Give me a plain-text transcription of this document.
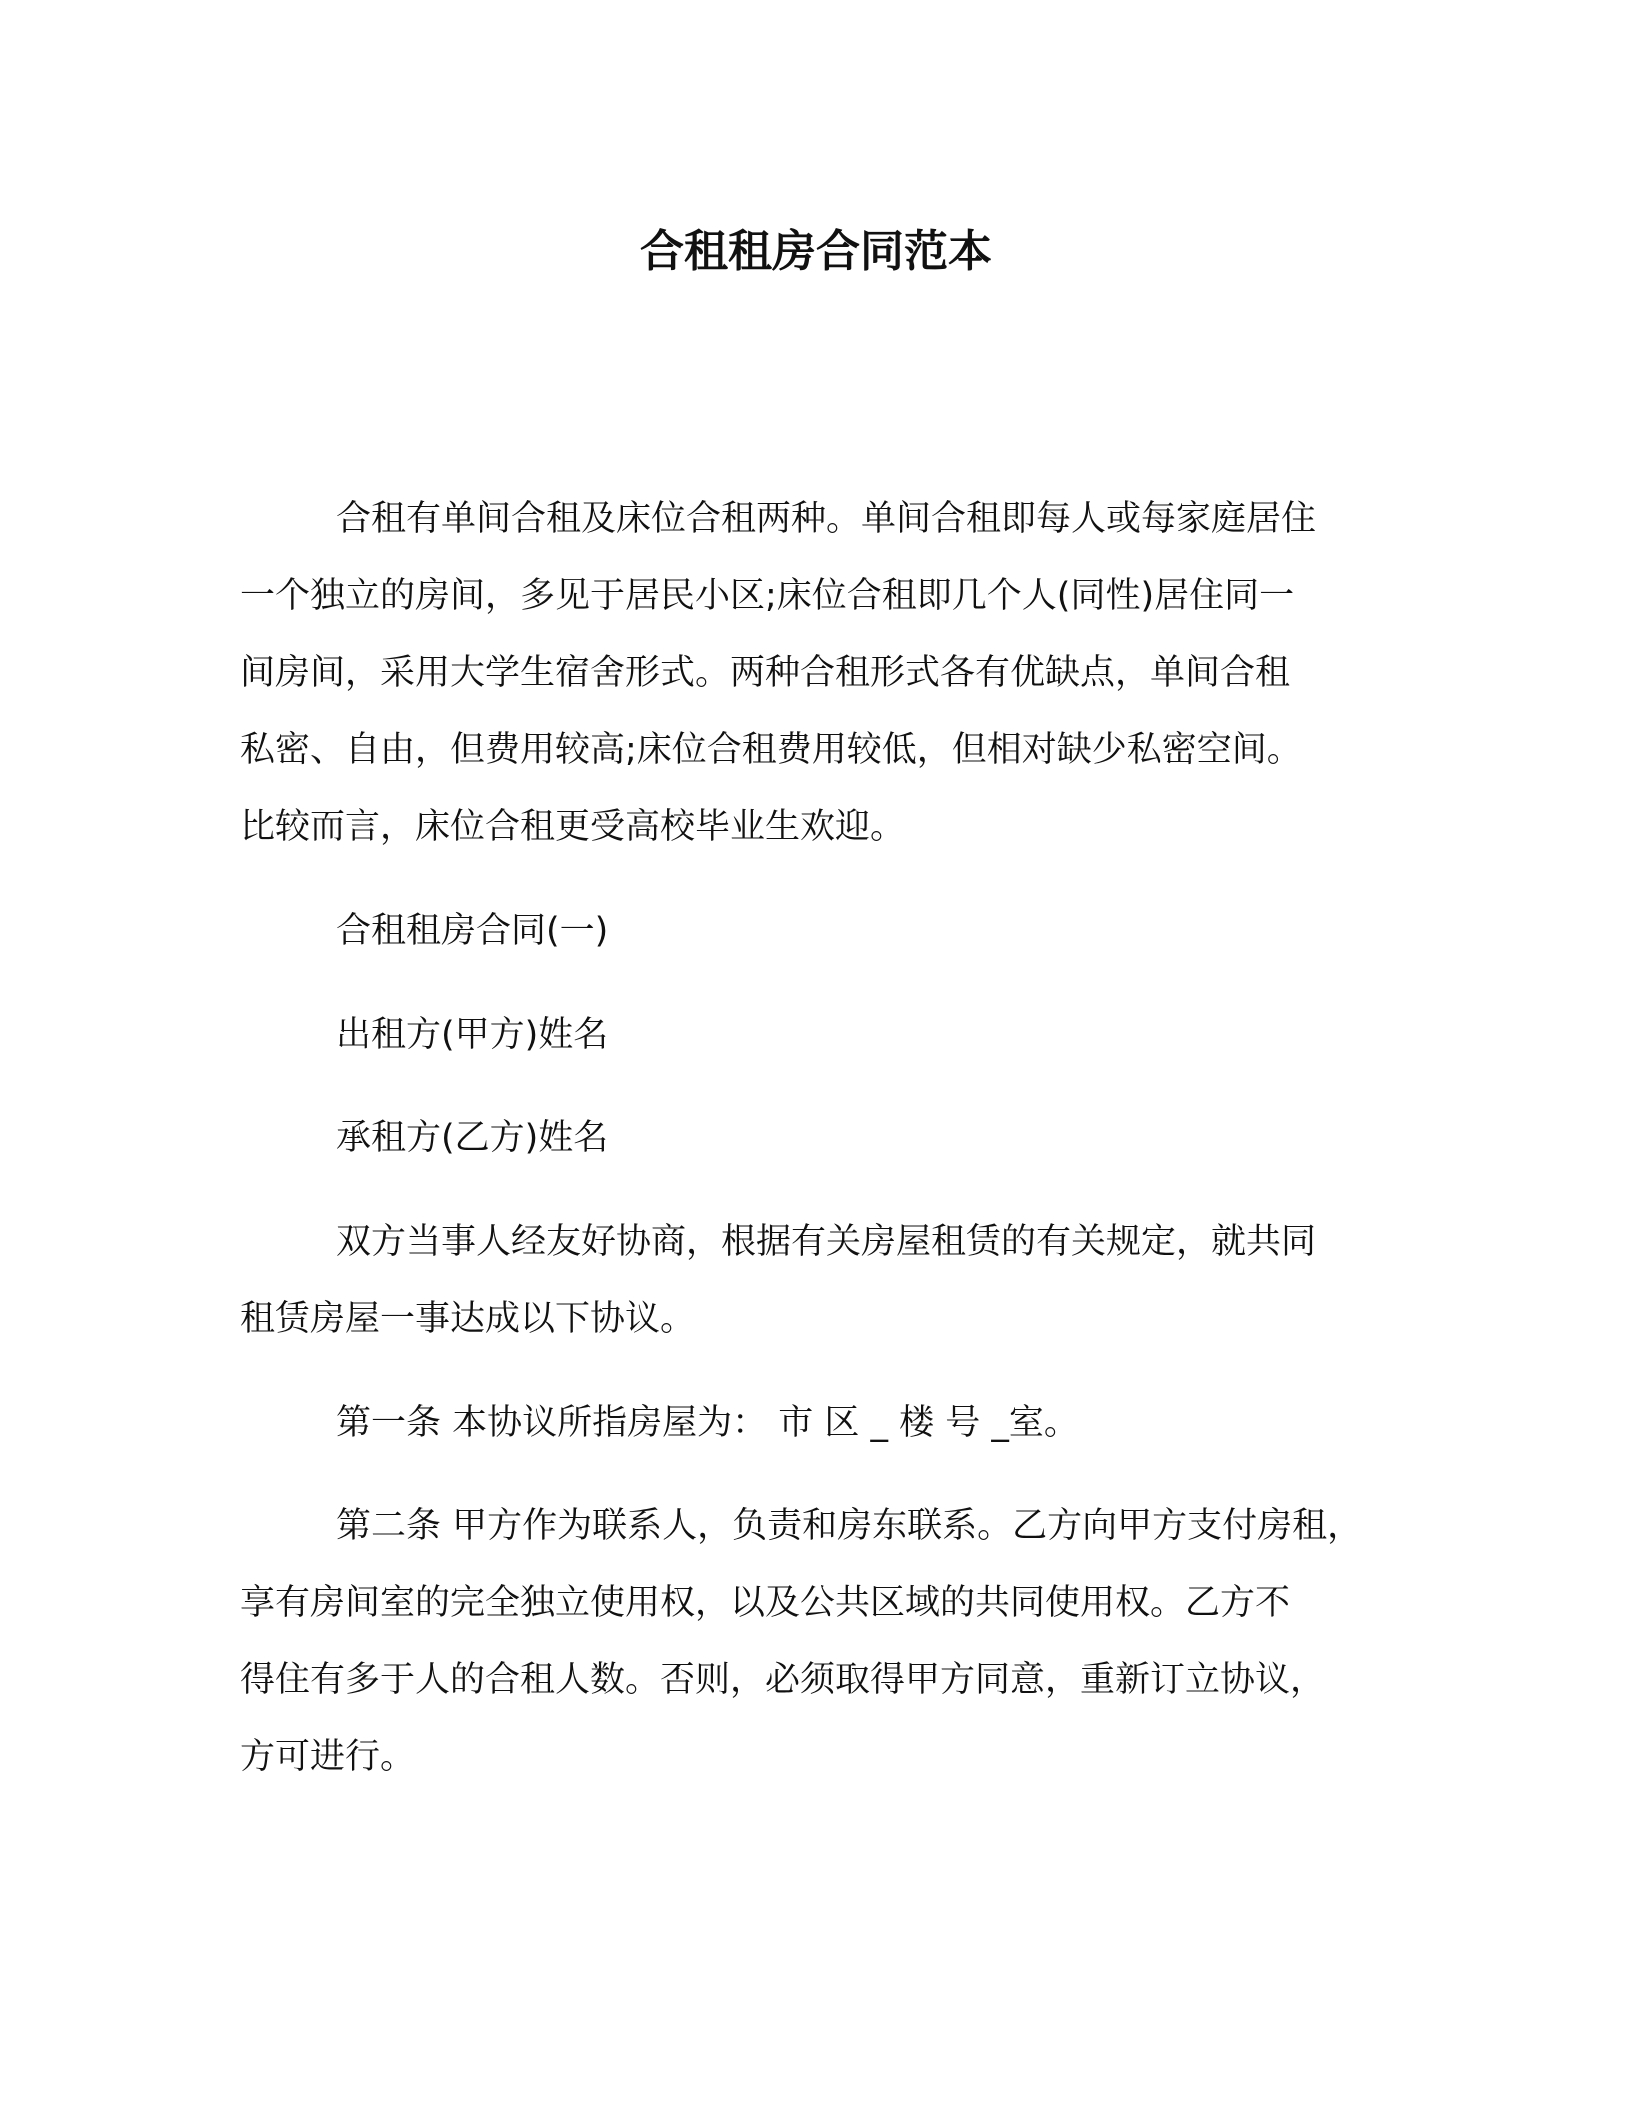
合租租房合同范本

合租有单间合租及床位合租两种。单间合租即每人或每家庭居住
一个独立的房间，多见于居民小区;床位合租即几个人(同性)居住同一
间房间，采用大学生宿舍形式。两种合租形式各有优缺点，单间合租
私密、自由，但费用较高;床位合租费用较低，但相对缺少私密空间。
比较而言，床位合租更受高校毕业生欢迎。

合租租房合同(一)

出租方(甲方)姓名

承租方(乙方)姓名

双方当事人经友好协商，根据有关房屋租赁的有关规定，就共同
租赁房屋一事达成以下协议。

第一条 本协议所指房屋为： 市 区 _ 楼 号 _室。

第二条 甲方作为联系人，负责和房东联系。乙方向甲方支付房租，
享有房间室的完全独立使用权，以及公共区域的共同使用权。乙方不
得住有多于人的合租人数。否则，必须取得甲方同意，重新订立协议，
方可进行。
